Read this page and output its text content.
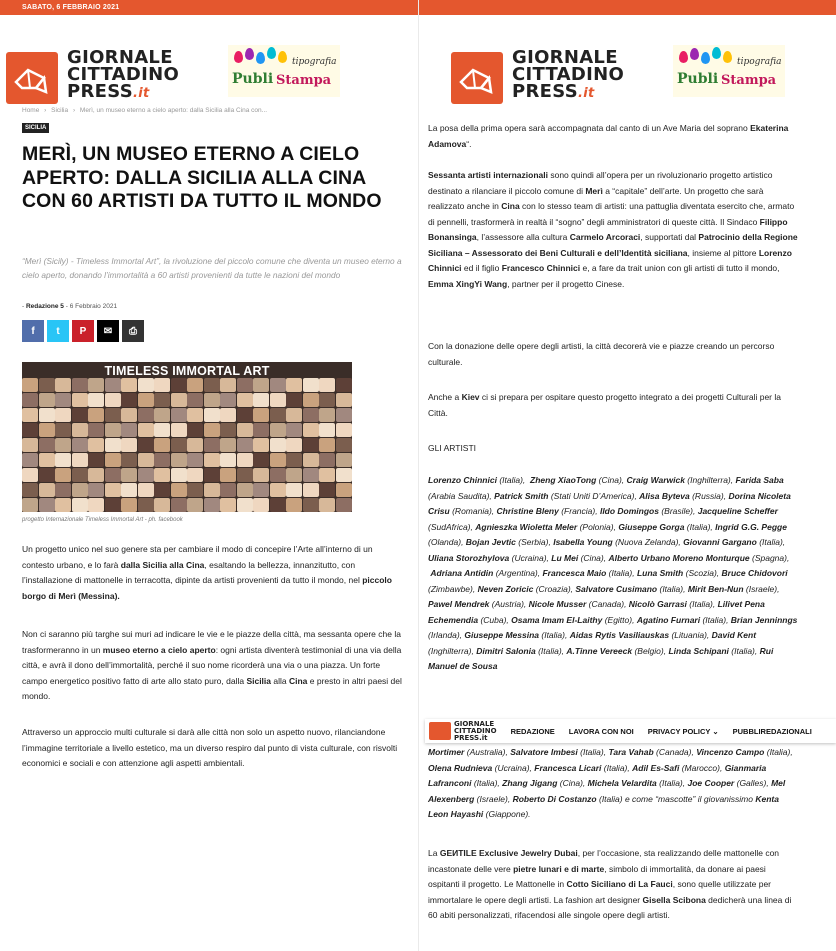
SABATO, 6 FEBBRAIO 2021
GIORNALE
CITTADINO
PRESS.it
tipografia
Publi Stampa
Home › Sicilia › Merì, un museo eterno a cielo aperto: dalla Sicilia alla Cina con...
SICILIA
MERÌ, UN MUSEO ETERNO A CIELO APERTO: DALLA SICILIA ALLA CINA CON 60 ARTISTI DA TUTTO IL MONDO
“Merì (Sicily) - Timeless Immortal Art”, la rivoluzione del piccolo comune che diventa un museo eterno a cielo aperto, donando l’immortalità a 60 artisti provenienti da tutte le nazioni del mondo
- Redazione 5 - 6 Febbraio 2021
f t P ✉ ⎙
TIMELESS IMMORTAL ART
progetto Internazionale Timeless Immortal Art - ph. facebook

Un progetto unico nel suo genere sta per cambiare il modo di concepire l’Arte all’interno di un contesto urbano, e lo farà dalla Sicilia alla Cina, esaltando la bellezza, innanzitutto, con l’installazione di mattonelle in terracotta, dipinte da artisti provenienti da tutto il mondo, nel piccolo borgo di Merì (Messina).

Non ci saranno più targhe sui muri ad indicare le vie e le piazze della città, ma sessanta opere che la trasformeranno in un museo eterno a cielo aperto: ogni artista diventerà testimonial di una via della città, e avrà il dono dell’immortalità, perché il suo nome ricorderà una via o una piazza. Un forte campo energetico positivo fatto di arte allo stato puro, dalla Sicilia alla Cina e presto in altri paesi del mondo.

Attraverso un approccio multi culturale si darà alle città non solo un aspetto nuovo, rilanciandone l’immagine territoriale a livello estetico, ma un diverso respiro dal punto di vista culturale, con risvolti economici e sociali e con attenzione agli aspetti ambientali.

GIORNALE
CITTADINO
PRESS.it
tipografia
Publi Stampa

La posa della prima opera sarà accompagnata dal canto di un Ave Maria del soprano Ekaterina Adamova“.

Sessanta artisti internazionali sono quindi all’opera per un rivoluzionario progetto artistico destinato a rilanciare il piccolo comune di Merì a “capitale” dell’arte. Un progetto che sarà realizzato anche in Cina con lo stesso team di artisti: una pattuglia diventata esercito che, armato di pennelli, trasformerà in realtà il “sogno” degli amministratori di queste città. Il Sindaco Filippo Bonansinga, l’assessore alla cultura Carmelo Arcoraci, supportati dal Patrocinio della Regione Siciliana – Assessorato dei Beni Culturali e dell’Identità siciliana, insieme al pittore Lorenzo Chinnici ed il figlio Francesco Chinnici e, a fare da trait union con gli artisti di tutto il mondo, Emma XingYi Wang, partner per il progetto Cinese.

Con la donazione delle opere degli artisti, la città decorerà vie e piazze creando un percorso culturale.

Anche a Kiev ci si prepara per ospitare questo progetto integrato a dei progetti Culturali per la Città.

GLI ARTISTI

Lorenzo Chinnici (Italia),  Zheng XiaoTong (Cina), Craig Warwick (Inghilterra), Farida Saba (Arabia Saudita), Patrick Smith (Stati Uniti D’America), Alisa Byteva (Russia), Dorina Nicoleta Crisu (Romania), Christine Bleny (Francia), Ildo Domingos (Brasile), Jacqueline Scheffer (SudAfrica), Agnieszka Wioletta Meler (Polonia), Giuseppe Gorga (Italia), Ingrid G.G. Pegge (Olanda), Bojan Jevtic (Serbia), Isabella Young (Nuova Zelanda), Giovanni Gargano (Italia), Uliana Storozhylova (Ucraina), Lu Mei (Cina), Alberto Urbano Moreno Monturque (Spagna),  Adriana Antidin (Argentina), Francesca Maio (Italia), Luna Smith (Scozia), Bruce Chidovori (Zimbawbe), Neven Zoricic (Croazia), Salvatore Cusimano (Italia), Mirit Ben-Nun (Israele), Pawel Mendrek (Austria), Nicole Musser (Canada), Nicolò Garrasi (Italia), Lilivet Pena Echemendia (Cuba), Osama Imam El-Laithy (Egitto), Agatino Furnari (Italia), Brian Jenninngs (Irlanda), Giuseppe Messina (Italia), Aidas Rytis Vasiliauskas (Lituania), David Kent (Inghilterra), Dimitri Salonia (Italia), A.Tinne Vereeck (Belgio), Linda Schipani (Italia), Rui Manuel de Sousa

Mortimer (Australia), Salvatore Imbesi (Italia), Tara Vahab (Canada), Vincenzo Campo (Italia), Olena Rudnieva (Ucraina), Francesca Licari (Italia), Adil Es-Safi (Marocco), Gianmaria Lafranconi (Italia), Zhang Jigang (Cina), Michela Velardita (Italia), Joe Cooper (Galles), Mel Alexenberg (Israele), Roberto Di Costanzo (Italia) e come “mascotte” il giovanissimo Kenta Leon Hayashi (Giappone).

La GEИTILE Exclusive Jewelry Dubai, per l’occasione, sta realizzando delle mattonelle con incastonate delle vere pietre lunari e di marte, simbolo di immortalità, da donare ai paesi ospitanti il progetto. Le Mattonelle in Cotto Siciliano di La Fauci, sono quelle utilizzate per immortalare le opere degli artisti. La fashion art designer Gisella Scibona dedicherà una linea di 60 abiti personalizzati, rifacendosi alle singole opere degli artisti.

GIORNALE
CITTADINO
PRESS.it
REDAZIONE LAVORA CON NOI PRIVACY POLICY ⌄ PUBBLIREDAZIONALI
